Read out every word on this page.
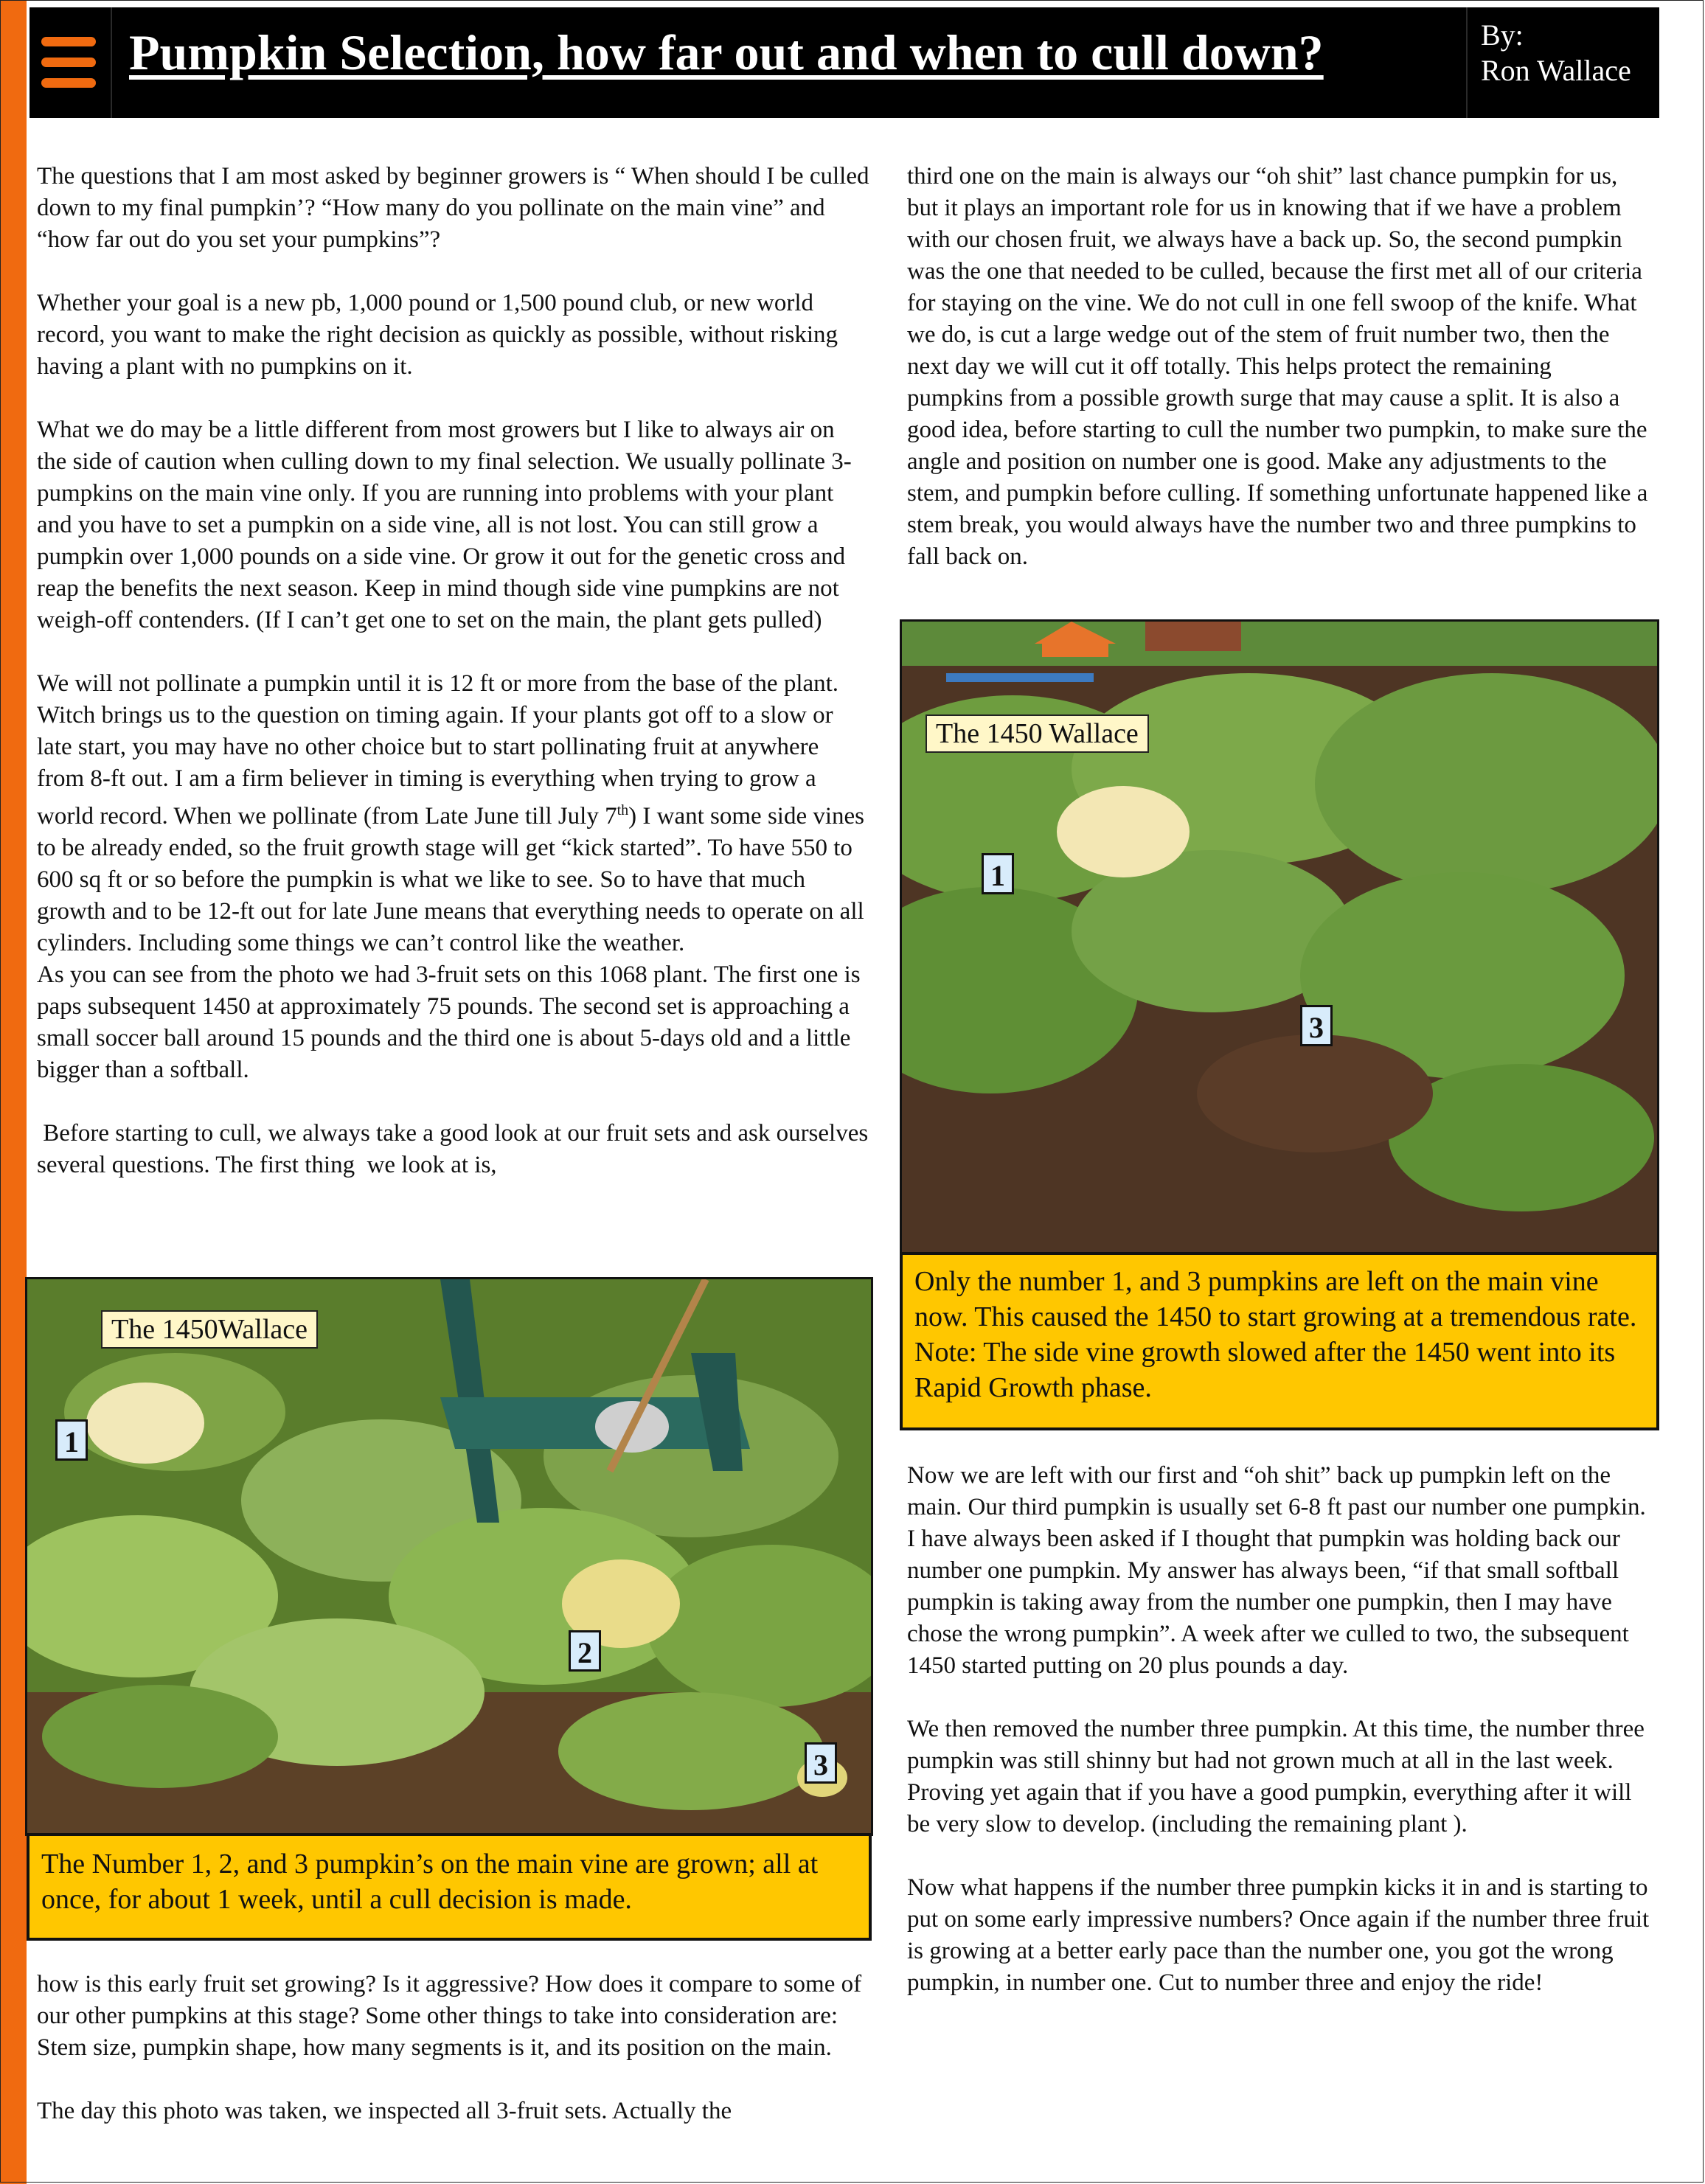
Pumpkin Selection, how far out and when to cull down?	By:
Ron Wallace

The questions that I am most asked by beginner growers is “ When should I be culled down to my final pumpkin’? “How many do you pollinate on the main vine” and “how far out do you set your pumpkins”?

Whether your goal is a new pb, 1,000 pound or 1,500 pound club, or new world record, you want to make the right decision as quickly as possible, without risking having a plant with no pumpkins on it.

What we do may be a little different from most growers but I like to always air on the side of caution when culling down to my final selection. We usually pollinate 3-pumpkins on the main vine only. If you are running into problems with your plant and you have to set a pumpkin on a side vine, all is not lost. You can still grow a pumpkin over 1,000 pounds on a side vine. Or grow it out for the genetic cross and reap the benefits the next season. Keep in mind though side vine pumpkins are not weigh-off contenders. (If I can’t get one to set on the main, the plant gets pulled)

We will not pollinate a pumpkin until it is 12 ft or more from the base of the plant. Witch brings us to the question on timing again. If your plants got off to a slow or late start, you may have no other choice but to start pollinating fruit at anywhere from 8-ft out. I am a firm believer in timing is everything when trying to grow a world record. When we pollinate (from Late June till July 7th) I want some side vines to be already ended, so the fruit growth stage will get “kick started”. To have 550 to 600 sq ft or so before the pumpkin is what we like to see. So to have that much growth and to be 12-ft out for late June means that everything needs to operate on all cylinders. Including some things we can’t control like the weather.

As you can see from the photo we had 3-fruit sets on this 1068 plant. The first one is paps subsequent 1450 at approximately 75 pounds. The second set is approaching a small soccer ball around 15 pounds and the third one is about 5-days old and a little bigger than a softball.

Before starting to cull, we always take a good look at our fruit sets and ask ourselves several questions. The first thing  we look at is,

The 1450Wallace
1
2
3
The Number 1, 2, and 3 pumpkin’s on the main vine are grown; all at once, for about 1 week, until a cull decision is made.

how is this early fruit set growing? Is it aggressive? How does it compare to some of our other pumpkins at this stage? Some other things to take into consideration are: Stem size, pumpkin shape, how many segments is it, and its position on the main.

The day this photo was taken, we inspected all 3-fruit sets. Actually the

third one on the main is always our “oh shit” last chance pumpkin for us, but it plays an important role for us in knowing that if we have a problem with our chosen fruit, we always have a back up. So, the second pumpkin was the one that needed to be culled, because the first met all of our criteria for staying on the vine. We do not cull in one fell swoop of the knife. What we do, is cut a large wedge out of the stem of fruit number two, then the next day we will cut it off totally. This helps protect the remaining pumpkins from a possible growth surge that may cause a split. It is also a good idea, before starting to cull the number two pumpkin, to make sure the angle and position on number one is good. Make any adjustments to the stem, and pumpkin before culling. If something unfortunate happened like a stem break, you would always have the number two and three pumpkins to fall back on.

The 1450 Wallace
1
3
Only the number 1, and 3 pumpkins are left on the main vine now. This caused the 1450 to start growing at a tremendous rate. Note: The side vine growth slowed after the 1450 went into its Rapid Growth phase.

Now we are left with our first and “oh shit” back up pumpkin left on the main. Our third pumpkin is usually set 6-8 ft past our number one pumpkin. I have always been asked if I thought that pumpkin was holding back our number one pumpkin. My answer has always been, “if that small softball pumpkin is taking away from the number one pumpkin, then I may have chose the wrong pumpkin”. A week after we culled to two, the subsequent 1450 started putting on 20 plus pounds a day.

We then removed the number three pumpkin. At this time, the number three pumpkin was still shinny but had not grown much at all in the last week. Proving yet again that if you have a good pumpkin, everything after it will be very slow to develop. (including the remaining plant ).

Now what happens if the number three pumpkin kicks it in and is starting to put on some early impressive numbers? Once again if the number three fruit is growing at a better early pace than the number one, you got the wrong pumpkin, in number one. Cut to number three and enjoy the ride!
